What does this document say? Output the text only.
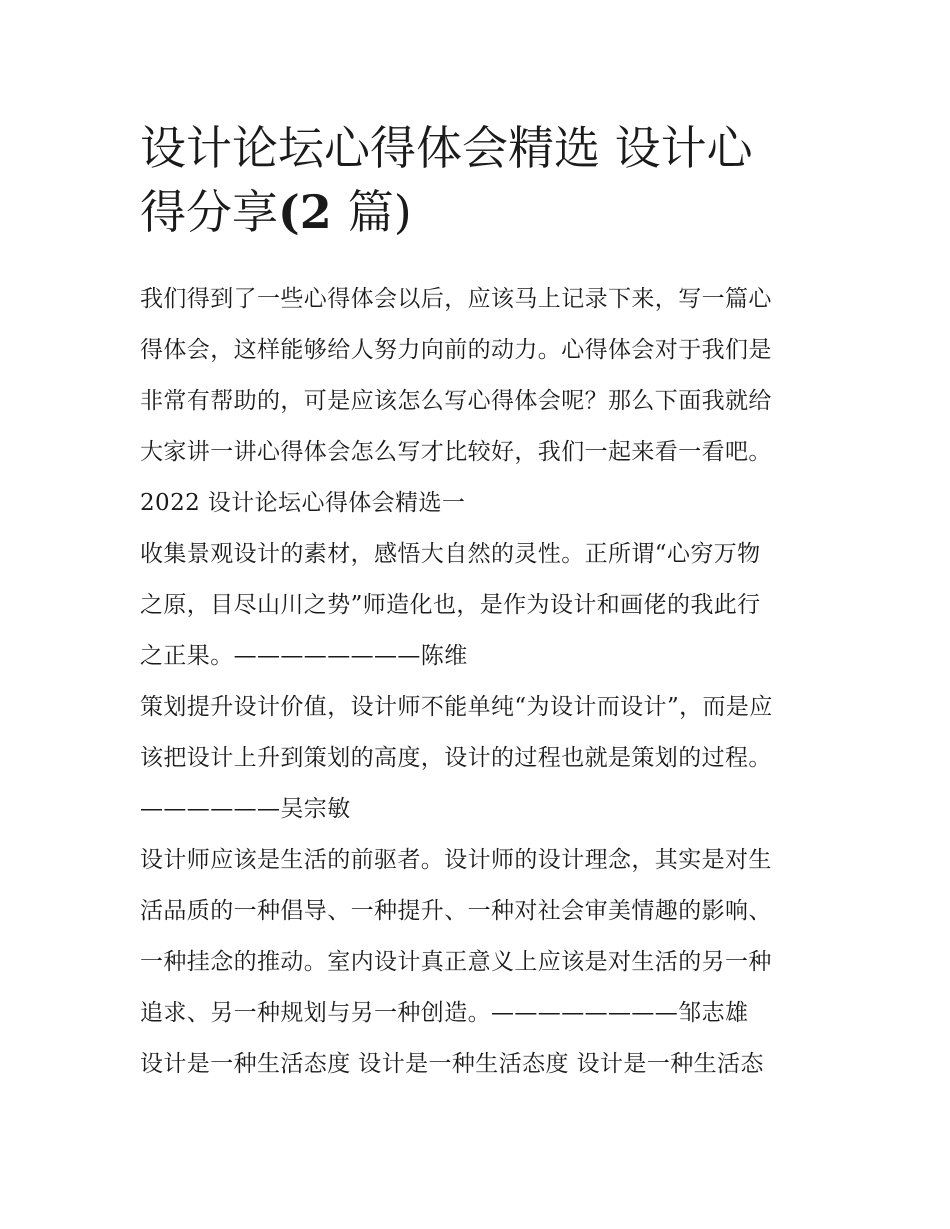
设计论坛心得体会精选 设计心
得分享(2 篇)
我们得到了一些心得体会以后，应该马上记录下来，写一篇心
得体会，这样能够给人努力向前的动力。心得体会对于我们是
非常有帮助的，可是应该怎么写心得体会呢？那么下面我就给
大家讲一讲心得体会怎么写才比较好，我们一起来看一看吧。
2022 设计论坛心得体会精选一
收集景观设计的素材，感悟大自然的灵性。正所谓“心穷万物
之原，目尽山川之势”师造化也，是作为设计和画佬的我此行
之正果。————————陈维
策划提升设计价值，设计师不能单纯“为设计而设计”，而是应
该把设计上升到策划的高度，设计的过程也就是策划的过程。
——————吴宗敏
设计师应该是生活的前驱者。设计师的设计理念，其实是对生
活品质的一种倡导、一种提升、一种对社会审美情趣的影响、
一种挂念的推动。室内设计真正意义上应该是对生活的另一种
追求、另一种规划与另一种创造。————————邹志雄
设计是一种生活态度 设计是一种生活态度 设计是一种生活态
